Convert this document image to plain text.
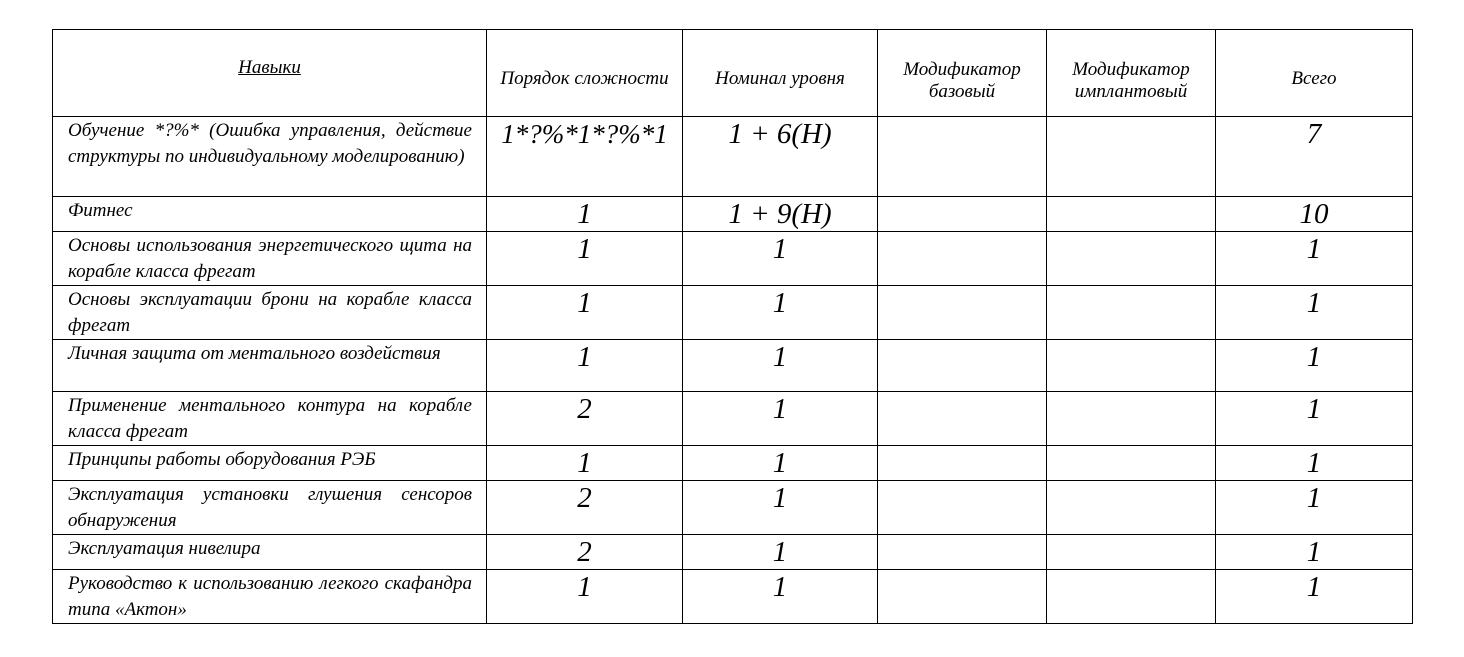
Навыки	Порядок сложности	Номинал уровня	Модификатор базовый	Модификатор имплантовый	Всего

Обучение *?%* (Ошибка управления, действие структуры по индивидуальному моделированию)	1*?%*1*?%*1	1 + 6(Н)			7

Фитнес	1	1 + 9(Н)			10

Основы использования энергетического щита на корабле класса фрегат	1	1			1

Основы эксплуатации брони на корабле класса фрегат	1	1			1

Личная защита от ментального воздействия	1	1			1

Применение ментального контура на корабле класса фрегат	2	1			1

Принципы работы оборудования РЭБ	1	1			1

Эксплуатация установки глушения сенсоров обнаружения	2	1			1

Эксплуатация нивелира	2	1			1

Руководство к использованию легкого скафандра типа «Актон»	1	1			1
